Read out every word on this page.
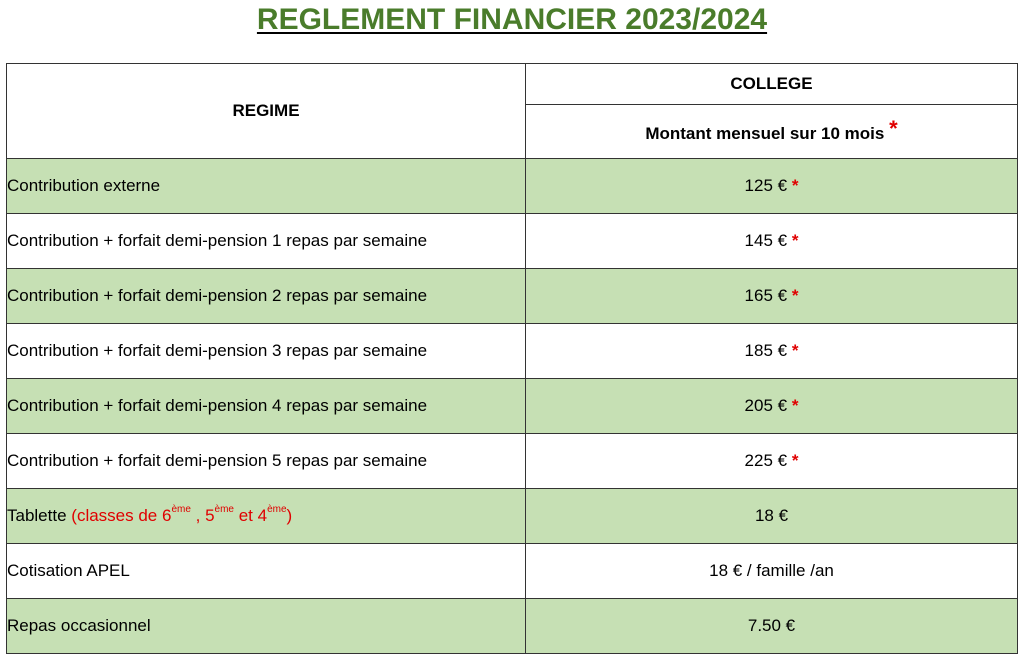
REGLEMENT FINANCIER 2023/2024
REGIME	COLLEGE
	Montant mensuel sur 10 mois *
Contribution externe	125 € *
Contribution + forfait demi-pension 1 repas par semaine	145 € *
Contribution + forfait demi-pension 2 repas par semaine	165 € *
Contribution + forfait demi-pension 3 repas par semaine	185 € *
Contribution + forfait demi-pension 4 repas par semaine	205 € *
Contribution + forfait demi-pension 5 repas par semaine	225 € *
Tablette (classes de 6ème , 5ème et 4ème)	18 €
Cotisation APEL	18 € / famille /an
Repas occasionnel	7.50 €
